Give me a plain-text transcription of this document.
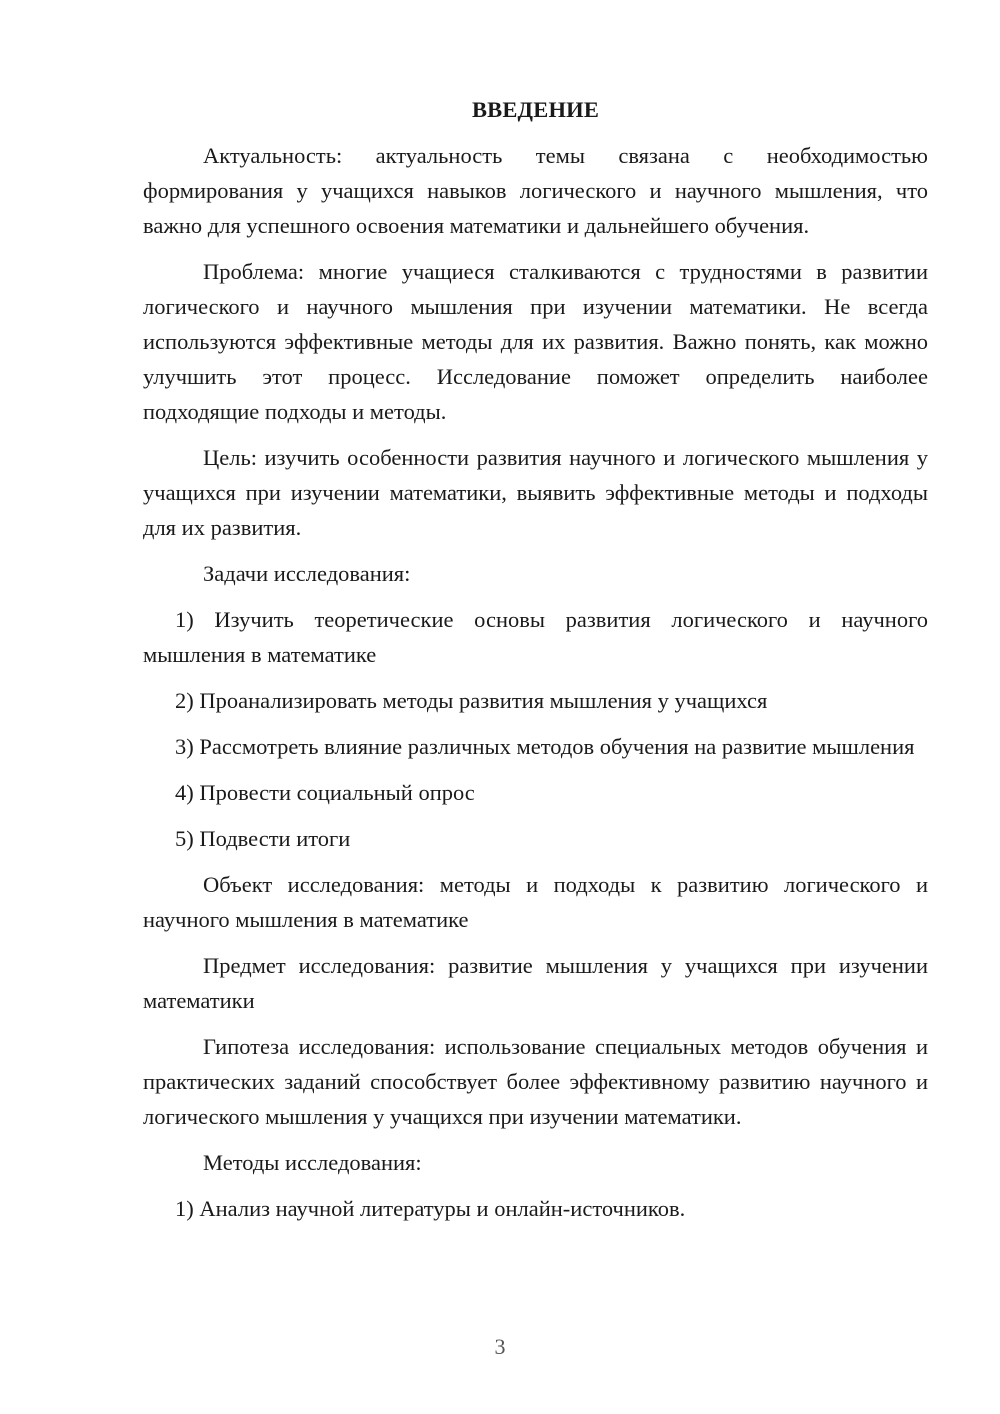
ВВЕДЕНИЕ

Актуальность: актуальность темы связана с необходимостью формирования у учащихся навыков логического и научного мышления, что важно для успешного освоения математики и дальнейшего обучения.

Проблема: многие учащиеся сталкиваются с трудностями в развитии логического и научного мышления при изучении математики. Не всегда используются эффективные методы для их развития. Важно понять, как можно улучшить этот процесс. Исследование поможет определить наиболее подходящие подходы и методы.

Цель: изучить особенности развития научного и логического мышления у учащихся при изучении математики, выявить эффективные методы и подходы для их развития.

Задачи исследования:

1) Изучить теоретические основы развития логического и научного мышления в математике

2) Проанализировать методы развития мышления у учащихся

3) Рассмотреть влияние различных методов обучения на развитие мышления

4) Провести социальный опрос

5) Подвести итоги

Объект исследования: методы и подходы к развитию логического и научного мышления в математике

Предмет исследования: развитие мышления у учащихся при изучении математики

Гипотеза исследования: использование специальных методов обучения и практических заданий способствует более эффективному развитию научного и логического мышления у учащихся при изучении математики.

Методы исследования:

1) Анализ научной литературы и онлайн-источников.

3
